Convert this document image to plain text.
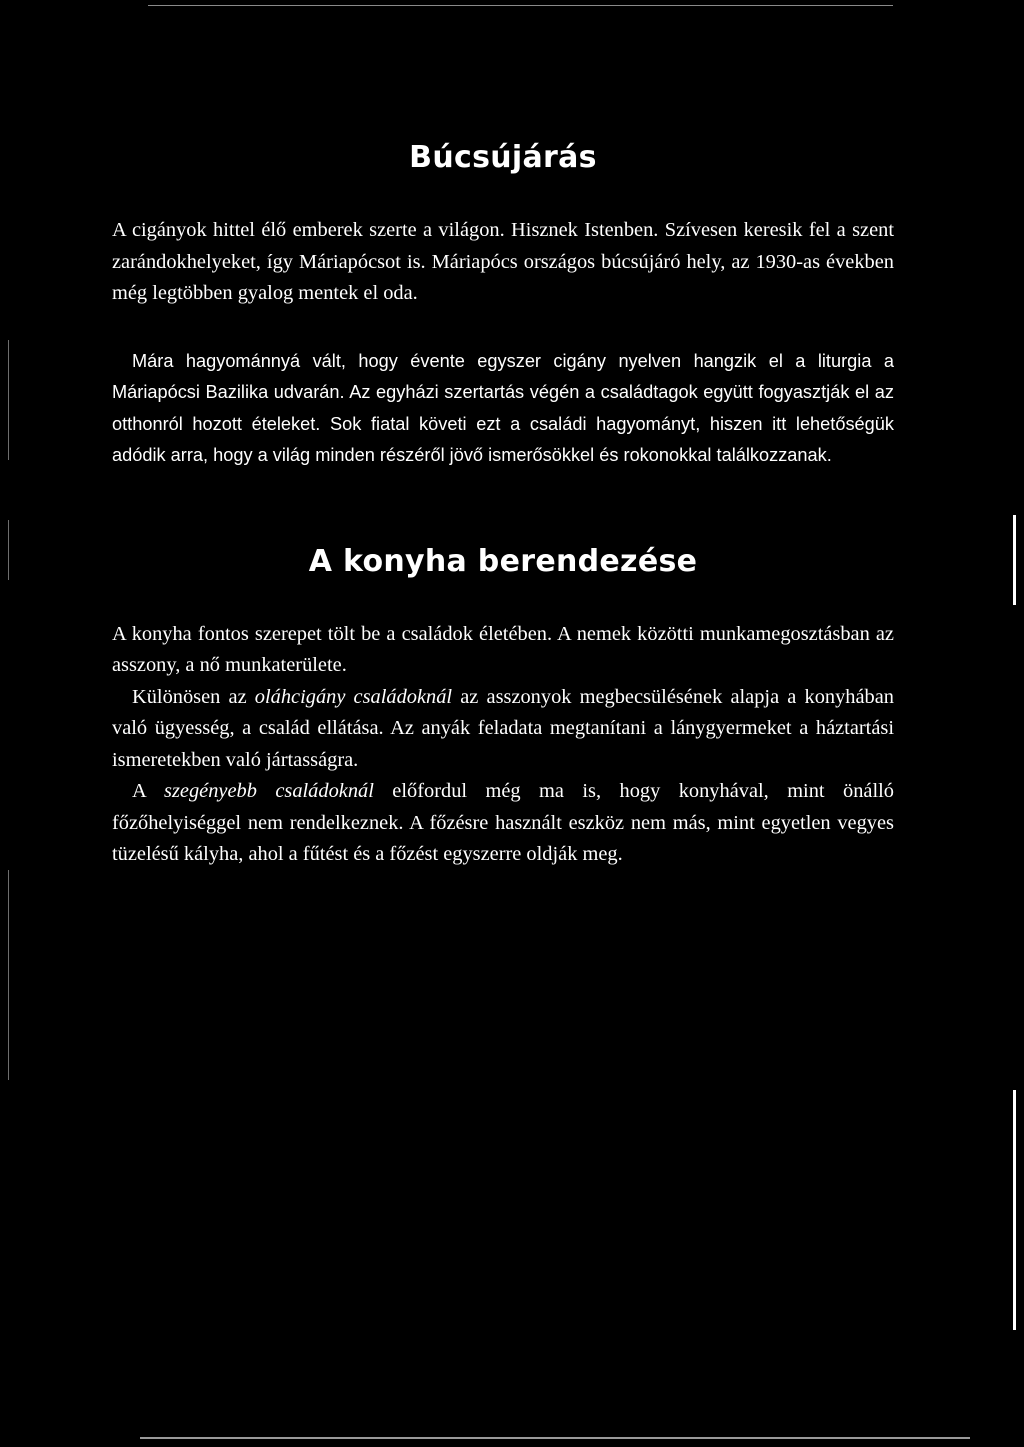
Búcsújárás

A cigányok hittel élő emberek szerte a világon. Hisznek Istenben. Szívesen keresik fel a szent zarándokhelyeket, így Máriapócsot is. Máriapócs országos búcsújáró hely, az 1930-as években még legtöbben gyalog mentek el oda.

Mára hagyománnyá vált, hogy évente egyszer cigány nyelven hangzik el a liturgia a Máriapócsi Bazilika udvarán. Az egyházi szertartás végén a családtagok együtt fogyasztják el az otthonról hozott ételeket. Sok fiatal követi ezt a családi hagyományt, hiszen itt lehetőségük adódik arra, hogy a világ minden részéről jövő ismerősökkel és rokonokkal találkozzanak.

A konyha berendezése

A konyha fontos szerepet tölt be a családok életében. A nemek közötti munkamegosztásban az asszony, a nő munkaterülete.

Különösen az oláhcigány családoknál az asszonyok megbecsülésének alapja a konyhában való ügyesség, a család ellátása. Az anyák feladata megtanítani a lánygyermeket a háztartási ismeretekben való jártasságra.

A szegényebb családoknál előfordul még ma is, hogy konyhával, mint önálló főzőhelyiséggel nem rendelkeznek. A főzésre használt eszköz nem más, mint egyetlen vegyes tüzelésű kályha, ahol a fűtést és a főzést egyszerre oldják meg.
